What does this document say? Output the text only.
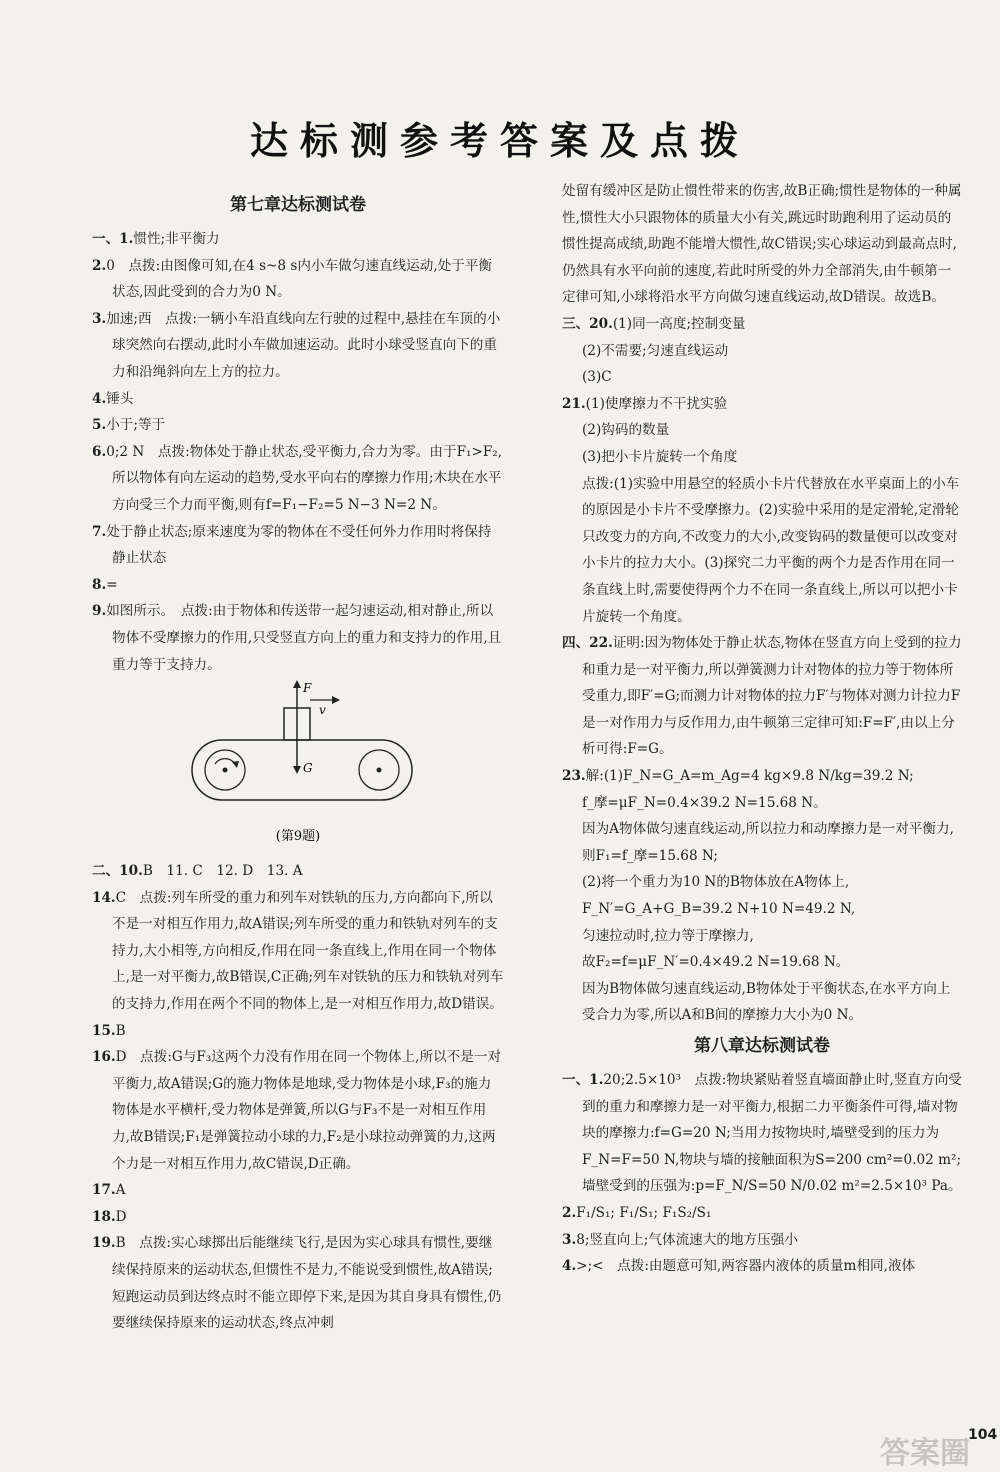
达标测参考答案及点拨
第七章达标测试卷
一、1.惯性;非平衡力
2.0　点拨:由图像可知,在4 s~8 s内小车做匀速直线运动,处于平衡状态,因此受到的合力为0 N。
3.加速;西　点拨:一辆小车沿直线向左行驶的过程中,悬挂在车顶的小球突然向右摆动,此时小车做加速运动。此时小球受竖直向下的重力和沿绳斜向左上方的拉力。
4.锤头
5.小于;等于
6.0;2 N　点拨:物体处于静止状态,受平衡力,合力为零。由于F₁>F₂,所以物体有向左运动的趋势,受水平向右的摩擦力作用;木块在水平方向受三个力而平衡,则有f=F₁−F₂=5 N−3 N=2 N。
7.处于静止状态;原来速度为零的物体在不受任何外力作用时将保持静止状态
8.=
9.如图所示。　点拨:由于物体和传送带一起匀速运动,相对静止,所以物体不受摩擦力的作用,只受竖直方向上的重力和支持力的作用,且重力等于支持力。
F
v
G
(第9题)
二、10.B　11. C　12. D　13. A
14.C　点拨:列车所受的重力和列车对铁轨的压力,方向都向下,所以不是一对相互作用力,故A错误;列车所受的重力和铁轨对列车的支持力,大小相等,方向相反,作用在同一条直线上,作用在同一个物体上,是一对平衡力,故B错误,C正确;列车对铁轨的压力和铁轨对列车的支持力,作用在两个不同的物体上,是一对相互作用力,故D错误。
15.B
16.D　点拨:G与F₃这两个力没有作用在同一个物体上,所以不是一对平衡力,故A错误;G的施力物体是地球,受力物体是小球,F₃的施力物体是水平横杆,受力物体是弹簧,所以G与F₃不是一对相互作用力,故B错误;F₁是弹簧拉动小球的力,F₂是小球拉动弹簧的力,这两个力是一对相互作用力,故C错误,D正确。
17.A
18.D
19.B　点拨:实心球掷出后能继续飞行,是因为实心球具有惯性,要继续保持原来的运动状态,但惯性不是力,不能说受到惯性,故A错误;短跑运动员到达终点时不能立即停下来,是因为其自身具有惯性,仍要继续保持原来的运动状态,终点冲刺
处留有缓冲区是防止惯性带来的伤害,故B正确;惯性是物体的一种属性,惯性大小只跟物体的质量大小有关,跳远时助跑利用了运动员的惯性提高成绩,助跑不能增大惯性,故C错误;实心球运动到最高点时,仍然具有水平向前的速度,若此时所受的外力全部消失,由牛顿第一定律可知,小球将沿水平方向做匀速直线运动,故D错误。故选B。
三、20.(1)同一高度;控制变量
(2)不需要;匀速直线运动
(3)C
21.(1)使摩擦力不干扰实验
(2)钩码的数量
(3)把小卡片旋转一个角度
点拨:(1)实验中用悬空的轻质小卡片代替放在水平桌面上的小车的原因是小卡片不受摩擦力。(2)实验中采用的是定滑轮,定滑轮只改变力的方向,不改变力的大小,改变钩码的数量便可以改变对小卡片的拉力大小。(3)探究二力平衡的两个力是否作用在同一条直线上时,需要使得两个力不在同一条直线上,所以可以把小卡片旋转一个角度。
四、22.证明:因为物体处于静止状态,物体在竖直方向上受到的拉力和重力是一对平衡力,所以弹簧测力计对物体的拉力等于物体所受重力,即F′=G;而测力计对物体的拉力F′与物体对测力计拉力F是一对作用力与反作用力,由牛顿第三定律可知:F=F′,由以上分析可得:F=G。
23.解:(1)F_N=G_A=m_Ag=4 kg×9.8 N/kg=39.2 N;
f_摩=μF_N=0.4×39.2 N=15.68 N。
因为A物体做匀速直线运动,所以拉力和动摩擦力是一对平衡力,则F₁=f_摩=15.68 N;
(2)将一个重力为10 N的B物体放在A物体上,
F_N′=G_A+G_B=39.2 N+10 N=49.2 N,
匀速拉动时,拉力等于摩擦力,
故F₂=f=μF_N′=0.4×49.2 N=19.68 N。
因为B物体做匀速直线运动,B物体处于平衡状态,在水平方向上受合力为零,所以A和B间的摩擦力大小为0 N。
第八章达标测试卷
一、1.20;2.5×10³　点拨:物块紧贴着竖直墙面静止时,竖直方向受到的重力和摩擦力是一对平衡力,根据二力平衡条件可得,墙对物块的摩擦力:f=G=20 N;当用力按物块时,墙壁受到的压力为F_N=F=50 N,物块与墙的接触面积为S=200 cm²=0.02 m²;墙壁受到的压强为:p=F_N/S=50 N/0.02 m²=2.5×10³ Pa。
2.F₁/S₁; F₁/S₁; F₁S₂/S₁
3.8;竖直向上;气体流速大的地方压强小
4.>;<　点拨:由题意可知,两容器内液体的质量m相同,液体
答案圈
104
